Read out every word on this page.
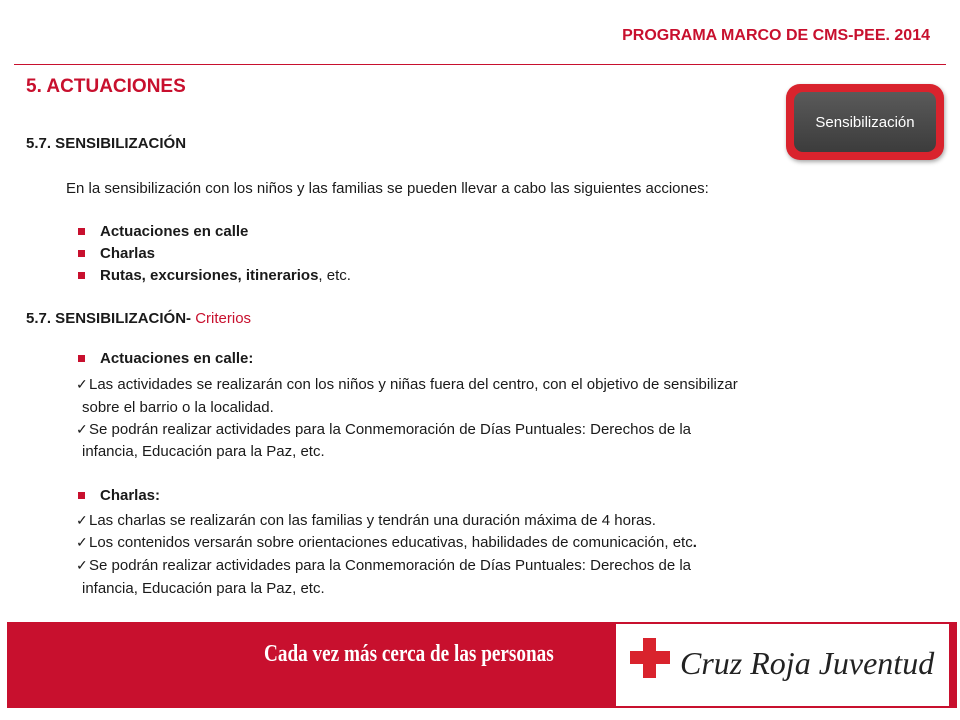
PROGRAMA MARCO DE CMS-PEE. 2014
5. ACTUACIONES
Sensibilización
5.7. SENSIBILIZACIÓN
En la sensibilización con los niños y las familias se pueden llevar a cabo las siguientes acciones:
Actuaciones en calle
Charlas
Rutas, excursiones, itinerarios, etc.
5.7. SENSIBILIZACIÓN- Criterios
Actuaciones en calle:
✓ Las actividades se realizarán con los niños y niñas fuera del centro, con el objetivo de sensibilizar
sobre el barrio o la localidad.
✓ Se podrán realizar actividades para la Conmemoración de Días Puntuales: Derechos de la
infancia, Educación para la Paz, etc.
Charlas:
✓ Las charlas se realizarán con las familias y tendrán una duración máxima de 4 horas.
✓ Los contenidos versarán sobre orientaciones educativas, habilidades de comunicación, etc.
✓ Se podrán realizar actividades para la Conmemoración de Días Puntuales: Derechos de la
infancia, Educación para la Paz, etc.
Cada vez más cerca de las personas	Cruz Roja Juventud
